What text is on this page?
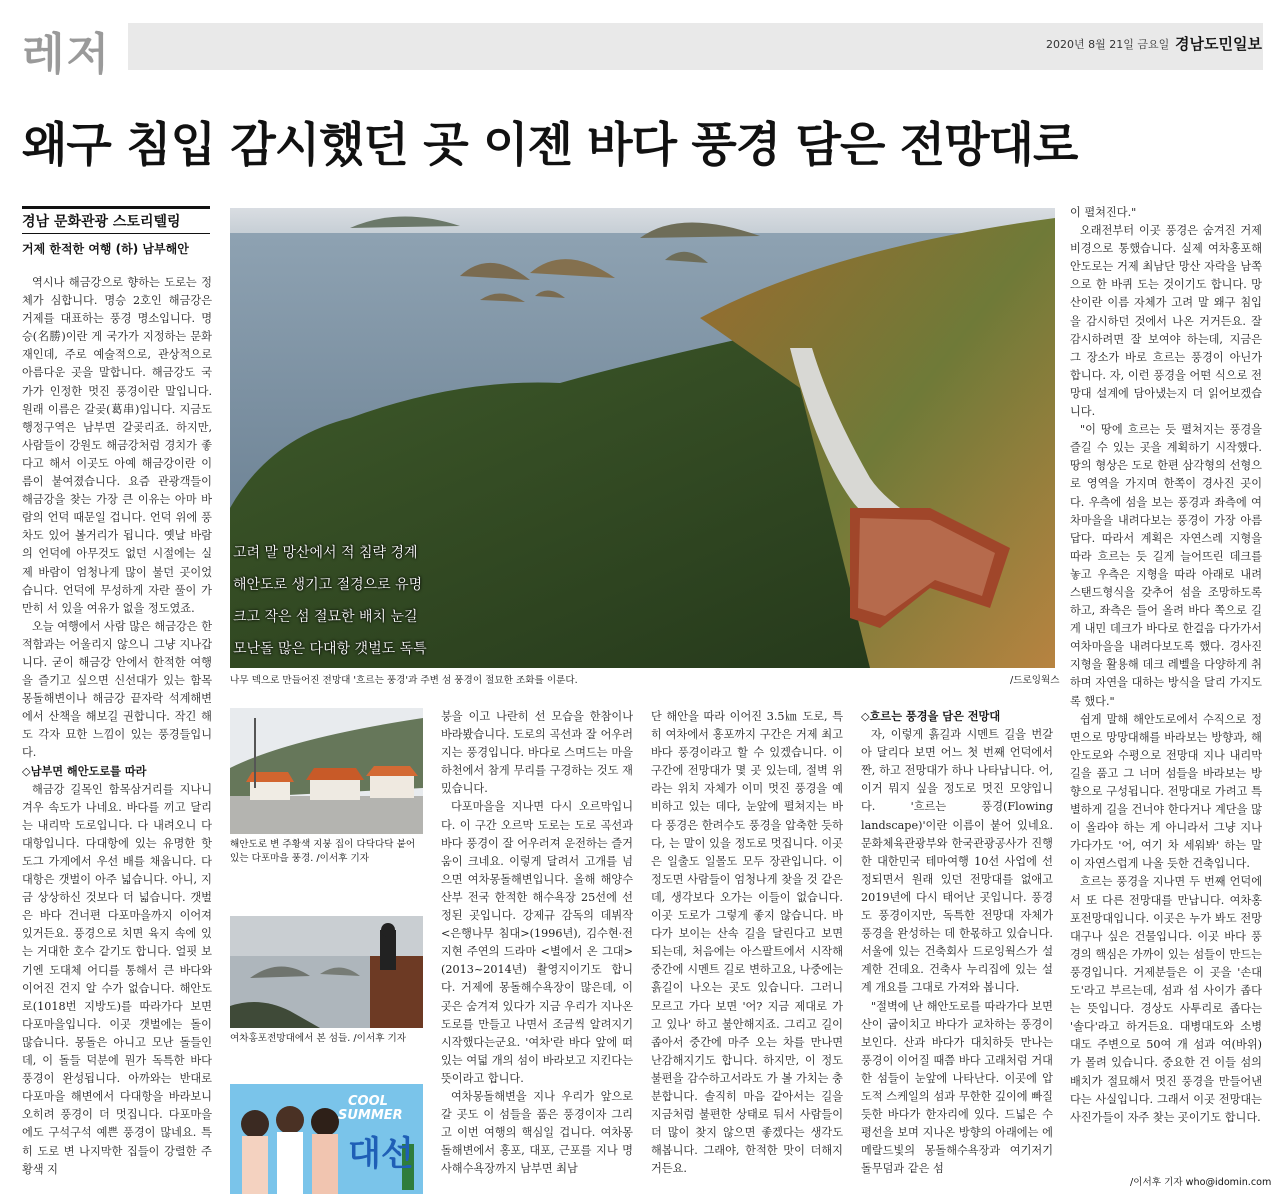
레저	2020년 8월 21일 금요일 경남도민일보
왜구 침입 감시했던 곳 이젠 바다 풍경 담은 전망대로
경남 문화관광 스토리텔링
거제 한적한 여행 (하) 남부해안
고려 말 망산에서 적 침략 경계
해안도로 생기고 절경으로 유명
크고 작은 섬 절묘한 배치 눈길
모난돌 많은 다대항 갯벌도 독특
나무 덱으로 만들어진 전망대 '흐르는 풍경'과 주변 섬 풍경이 절묘한 조화를 이룬다.	/드로잉웍스
해안도로 변 주황색 지붕 집이 다닥다닥 붙어 있는 다포마을 풍경. /이서후 기자
여차홍포전망대에서 본 섬들. /이서후 기자
COOL
SUMMER
대선

역시나 해금강으로 향하는 도로는 정체가 심합니다. 명승 2호인 해금강은 거제를 대표하는 풍경 명소입니다. 명승(名勝)이란 게 국가가 지정하는 문화재인데, 주로 예술적으로, 관상적으로 아름다운 곳을 말합니다. 해금강도 국가가 인정한 멋진 풍경이란 말입니다. 원래 이름은 갈곶(葛串)입니다. 지금도 행정구역은 남부면 갈곶리죠. 하지만, 사람들이 강원도 해금강처럼 경치가 좋다고 해서 이곳도 아예 해금강이란 이름이 붙여졌습니다. 요즘 관광객들이 해금강을 찾는 가장 큰 이유는 아마 바람의 언덕 때문일 겁니다. 언덕 위에 풍차도 있어 볼거리가 됩니다. 옛날 바람의 언덕에 아무것도 없던 시절에는 실제 바람이 엄청나게 많이 불던 곳이었습니다. 언덕에 무성하게 자란 풀이 가만히 서 있을 여유가 없을 정도였죠.

오늘 여행에서 사람 많은 해금강은 한적함과는 어울리지 않으니 그냥 지나갑니다. 굳이 해금강 안에서 한적한 여행을 즐기고 싶으면 신선대가 있는 함목몽돌해변이나 해금강 끝자락 석계해변에서 산책을 해보길 권합니다. 작긴 해도 각자 묘한 느낌이 있는 풍경들입니다.

◇남부면 해안도로를 따라

해금강 길목인 함목삼거리를 지나니 겨우 속도가 나네요. 바다를 끼고 달리는 내리막 도로입니다. 다 내려오니 다대항입니다. 다대항에 있는 유명한 핫도그 가게에서 우선 배를 채웁니다. 다대항은 갯벌이 아주 넓습니다. 아니, 지금 상상하신 것보다 더 넓습니다. 갯벌은 바다 건너편 다포마을까지 이어져 있거든요. 풍경으로 치면 육지 속에 있는 거대한 호수 같기도 합니다. 얼핏 보기엔 도대체 어디를 통해서 큰 바다와 이어진 건지 알 수가 없습니다. 해안도로(1018번 지방도)를 따라가다 보면 다포마을입니다. 이곳 갯벌에는 돌이 많습니다. 몽돌은 아니고 모난 돌들인데, 이 돌들 덕분에 뭔가 독특한 바다 풍경이 완성됩니다. 아까와는 반대로 다포마을 해변에서 다대항을 바라보니 오히려 풍경이 더 멋집니다. 다포마을에도 구석구석 예쁜 풍경이 많네요. 특히 도로 변 나지막한 집들이 강렬한 주황색 지

붕을 이고 나란히 선 모습을 한참이나 바라봤습니다. 도로의 곡선과 잘 어우러지는 풍경입니다. 바다로 스며드는 마을 하천에서 참게 무리를 구경하는 것도 재밌습니다.

다포마을을 지나면 다시 오르막입니다. 이 구간 오르막 도로는 도로 곡선과 바다 풍경이 잘 어우러져 운전하는 즐거움이 크네요. 이렇게 달려서 고개를 넘으면 여차몽돌해변입니다. 올해 해양수산부 전국 한적한 해수욕장 25선에 선정된 곳입니다. 강제규 감독의 데뷔작 <은행나무 침대>(1996년), 김수현·전지현 주연의 드라마 <별에서 온 그대>(2013~2014년) 촬영지이기도 합니다. 거제에 몽돌해수욕장이 많은데, 이곳은 숨겨져 있다가 지금 우리가 지나온 도로를 만들고 나면서 조금씩 알려지기 시작했다는군요. '여차'란 바다 앞에 떠 있는 여덟 개의 섬이 바라보고 지킨다는 뜻이라고 합니다.

여차몽돌해변을 지나 우리가 앞으로 갈 곳도 이 섬들을 품은 풍경이자 그리고 이번 여행의 핵심일 겁니다. 여차몽돌해변에서 홍포, 대포, 근포를 지나 명사해수욕장까지 남부면 최남

단 해안을 따라 이어진 3.5㎞ 도로, 특히 여차에서 홍포까지 구간은 거제 최고 바다 풍경이라고 할 수 있겠습니다. 이 구간에 전망대가 몇 곳 있는데, 절벽 위라는 위치 자체가 이미 멋진 풍경을 예비하고 있는 데다, 눈앞에 펼쳐지는 바다 풍경은 한려수도 풍경을 압축한 듯하다, 는 말이 있을 정도로 멋집니다. 이곳은 일출도 일몰도 모두 장관입니다. 이 정도면 사람들이 엄청나게 찾을 것 같은데, 생각보다 오가는 이들이 없습니다. 이곳 도로가 그렇게 좋지 않습니다. 바다가 보이는 산속 길을 달린다고 보면 되는데, 처음에는 아스팔트에서 시작해 중간에 시멘트 길로 변하고요, 나중에는 흙길이 나오는 곳도 있습니다. 그러니 모르고 가다 보면 '어? 지금 제대로 가고 있나' 하고 불안해지죠. 그리고 길이 좁아서 중간에 마주 오는 차를 만나면 난감해지기도 합니다. 하지만, 이 정도 불편을 감수하고서라도 가 볼 가치는 충분합니다. 솔직히 마음 같아서는 길을 지금처럼 불편한 상태로 둬서 사람들이 더 많이 찾지 않으면 좋겠다는 생각도 해봅니다. 그래야, 한적한 맛이 더해지거든요.

◇흐르는 풍경을 담은 전망대

자, 이렇게 흙길과 시멘트 길을 번갈아 달리다 보면 어느 첫 번째 언덕에서 짠, 하고 전망대가 하나 나타납니다. 어, 이거 뭐지 싶을 정도로 멋진 모양입니다. '흐르는 풍경(Flowing landscape)'이란 이름이 붙어 있네요. 문화체육관광부와 한국관광공사가 진행한 대한민국 테마여행 10선 사업에 선정되면서 원래 있던 전망대를 없애고 2019년에 다시 태어난 곳입니다. 풍경도 풍경이지만, 독특한 전망대 자체가 풍경을 완성하는 데 한몫하고 있습니다. 서울에 있는 건축회사 드로잉웍스가 설계한 건데요. 건축사 누리집에 있는 설계 개요를 그대로 가져와 봅니다.

"절벽에 난 해안도로를 따라가다 보면 산이 굽이치고 바다가 교차하는 풍경이 보인다. 산과 바다가 대치하듯 만나는 풍경이 이어질 때쯤 바다 고래처럼 거대한 섬들이 눈앞에 나타난다. 이곳에 압도적 스케일의 섬과 무한한 깊이에 빠질 듯한 바다가 한자리에 있다. 드넓은 수평선을 보며 지나온 방향의 아래에는 에메랄드빛의 몽돌해수욕장과 여기저기 돌무덤과 같은 섬

이 펼쳐진다."

오래전부터 이곳 풍경은 숨겨진 거제 비경으로 통했습니다. 실제 여차홍포해안도로는 거제 최남단 망산 자락을 남쪽으로 한 바퀴 도는 것이기도 합니다. 망산이란 이름 자체가 고려 말 왜구 침입을 감시하던 것에서 나온 거거든요. 잘 감시하려면 잘 보여야 하는데, 지금은 그 장소가 바로 흐르는 풍경이 아닌가 합니다. 자, 이런 풍경을 어떤 식으로 전망대 설계에 담아냈는지 더 읽어보겠습니다.

"이 땅에 흐르는 듯 펼쳐지는 풍경을 즐길 수 있는 곳을 계획하기 시작했다. 땅의 형상은 도로 한편 삼각형의 선형으로 영역을 가지며 한쪽이 경사진 곳이다. 우측에 섬을 보는 풍경과 좌측에 여차마을을 내려다보는 풍경이 가장 아름답다. 따라서 계획은 자연스레 지형을 따라 흐르는 듯 길게 늘어뜨린 데크를 놓고 우측은 지형을 따라 아래로 내려 스탠드형식을 갖추어 섬을 조망하도록 하고, 좌측은 들어 올려 바다 쪽으로 길게 내민 데크가 바다로 한걸음 다가가서 여차마을을 내려다보도록 했다. 경사진 지형을 활용해 데크 레벨을 다양하게 취하며 자연을 대하는 방식을 달리 가지도록 했다."

쉽게 말해 해안도로에서 수직으로 정면으로 망망대해를 바라보는 방향과, 해안도로와 수평으로 전망대 지나 내리막길을 품고 그 너머 섬들을 바라보는 방향으로 구성됩니다. 전망대로 가려고 특별하게 길을 건너야 한다거나 계단을 많이 올라야 하는 게 아니라서 그냥 지나가다가도 '어, 여기 차 세워봐' 하는 말이 자연스럽게 나올 듯한 건축입니다.

흐르는 풍경을 지나면 두 번째 언덕에서 또 다른 전망대를 만납니다. 여차홍포전망대입니다. 이곳은 누가 봐도 전망대구나 싶은 건물입니다. 이곳 바다 풍경의 핵심은 가까이 있는 섬들이 만드는 풍경입니다. 거제분들은 이 곳을 '손대도'라고 부르는데, 섬과 섬 사이가 좁다는 뜻입니다. 경상도 사투리로 좁다는 '솔다'라고 하거든요. 대병대도와 소병대도 주변으로 50여 개 섬과 여(바위)가 몰려 있습니다. 중요한 건 이들 섬의 배치가 절묘해서 멋진 풍경을 만들어낸다는 사실입니다. 그래서 이곳 전망대는 사진가들이 자주 찾는 곳이기도 합니다.

/이서후 기자 who@idomin.com
